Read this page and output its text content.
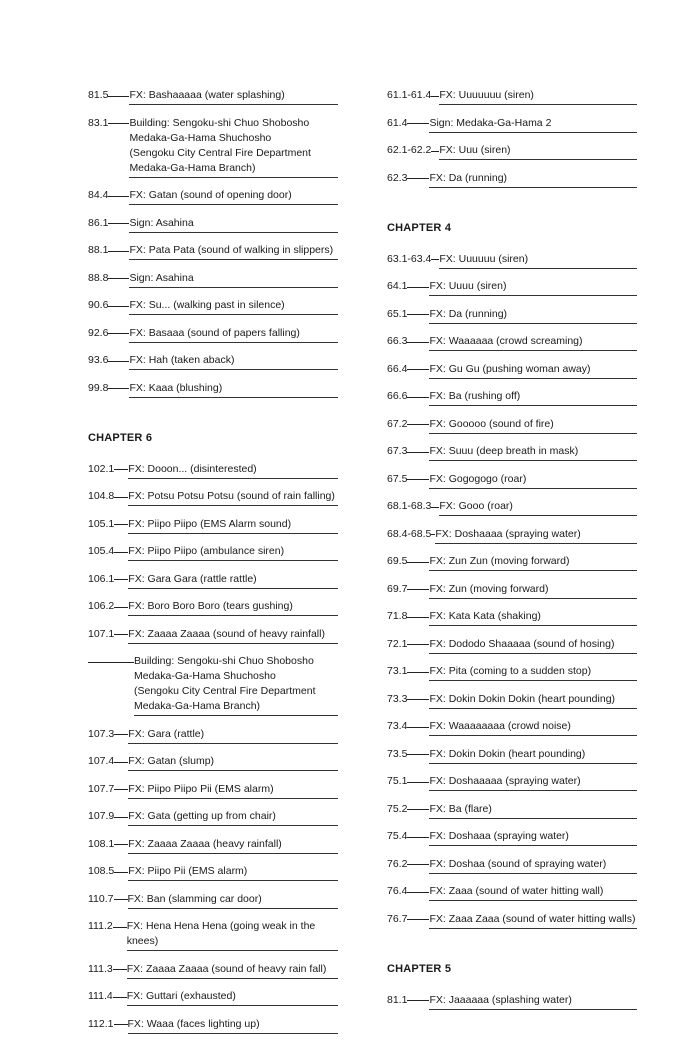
81.5 FX: Bashaaaaa (water splashing)
83.1 Building: Sengoku-shi Chuo Shobosho
Medaka-Ga-Hama Shuchosho
(Sengoku City Central Fire Department
Medaka-Ga-Hama Branch)
84.4 FX: Gatan (sound of opening door)
86.1 Sign: Asahina
88.1 FX: Pata Pata (sound of walking in slippers)
88.8 Sign: Asahina
90.6 FX: Su... (walking past in silence)
92.6 FX: Basaaa (sound of papers falling)
93.6 FX: Hah (taken aback)
99.8 FX: Kaaa (blushing)
CHAPTER 6
102.1 FX: Dooon... (disinterested)
104.8 FX: Potsu Potsu Potsu (sound of rain falling)
105.1 FX: Piipo Piipo (EMS Alarm sound)
105.4 FX: Piipo Piipo (ambulance siren)
106.1 FX: Gara Gara (rattle rattle)
106.2 FX: Boro Boro Boro (tears gushing)
107.1 FX: Zaaaa Zaaaa (sound of heavy rainfall)
Building: Sengoku-shi Chuo Shobosho
Medaka-Ga-Hama Shuchosho
(Sengoku City Central Fire Department
Medaka-Ga-Hama Branch)
107.3 FX: Gara (rattle)
107.4 FX: Gatan (slump)
107.7 FX: Piipo Piipo Pii (EMS alarm)
107.9 FX: Gata (getting up from chair)
108.1 FX: Zaaaa Zaaaa (heavy rainfall)
108.5 FX: Piipo Pii (EMS alarm)
110.7 FX: Ban (slamming car door)
111.2 FX: Hena Hena Hena (going weak in the knees)
111.3 FX: Zaaaa Zaaaa (sound of heavy rain fall)
111.4 FX: Guttari (exhausted)
112.1 FX: Waaa (faces lighting up)
61.1-61.4 FX: Uuuuuuu (siren)
61.4 Sign: Medaka-Ga-Hama 2
62.1-62.2 FX: Uuu (siren)
62.3 FX: Da (running)
CHAPTER 4
63.1-63.4 FX: Uuuuuu (siren)
64.1 FX: Uuuu (siren)
65.1 FX: Da (running)
66.3 FX: Waaaaaa (crowd screaming)
66.4 FX: Gu Gu (pushing woman away)
66.6 FX: Ba (rushing off)
67.2 FX: Gooooo (sound of fire)
67.3 FX: Suuu (deep breath in mask)
67.5 FX: Gogogogo (roar)
68.1-68.3 FX: Gooo (roar)
68.4-68.5 FX: Doshaaaa (spraying water)
69.5 FX: Zun Zun (moving forward)
69.7 FX: Zun (moving forward)
71.8 FX: Kata Kata (shaking)
72.1 FX: Dododo Shaaaaa (sound of hosing)
73.1 FX: Pita (coming to a sudden stop)
73.3 FX: Dokin Dokin Dokin (heart pounding)
73.4 FX: Waaaaaaaa (crowd noise)
73.5 FX: Dokin Dokin (heart pounding)
75.1 FX: Doshaaaaa (spraying water)
75.2 FX: Ba (flare)
75.4 FX: Doshaaa (spraying water)
76.2 FX: Doshaa (sound of spraying water)
76.4 FX: Zaaa (sound of water hitting wall)
76.7 FX: Zaaa Zaaa (sound of water hitting walls)
CHAPTER 5
81.1 FX: Jaaaaaa (splashing water)
